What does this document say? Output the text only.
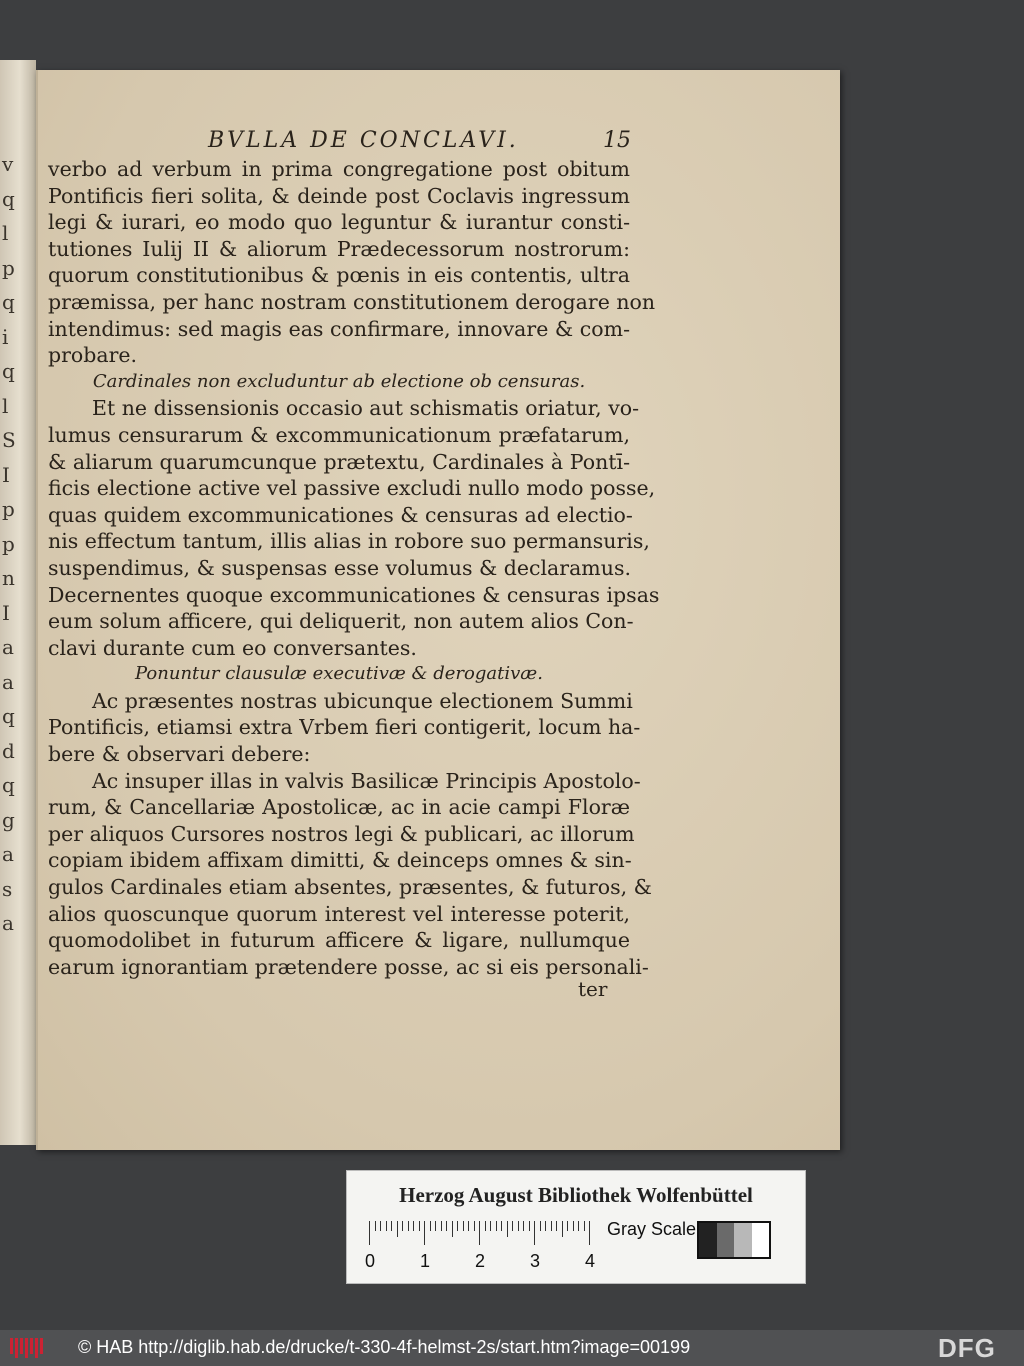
v
q
l
p
q
i
q
l
S
I
p
p
n
I
a
a
q
d
q
g
a
s
a
BVLLA DE CONCLAVI.	15
verbo ad verbum in prima congregatione post obitum
Pontificis fieri solita, & deinde post Coclavis ingressum
legi & iurari, eo modo quo leguntur & iurantur consti-
tutiones Iulij II & aliorum Prædecessorum nostrorum:
quorum constitutionibus & pœnis in eis contentis, ultra
præmissa, per hanc nostram constitutionem derogare non
intendimus: sed magis eas confirmare, innovare & com-
probare.
Cardinales non excluduntur ab electione ob censuras.
Et ne dissensionis occasio aut schismatis oriatur, vo-
lumus censurarum & excommunicationum præfatarum,
& aliarum quarumcunque prætextu, Cardinales à Pontī-
ficis electione active vel passive excludi nullo modo posse,
quas quidem excommunicationes & censuras ad electio-
nis effectum tantum, illis alias in robore suo permansuris,
suspendimus, & suspensas esse volumus & declaramus.
Decernentes quoque excommunicationes & censuras ipsas
eum solum afficere, qui deliquerit, non autem alios Con-
clavi durante cum eo conversantes.
Ponuntur clausulæ executivæ & derogativæ.
Ac præsentes nostras ubicunque electionem Summi
Pontificis, etiamsi extra Vrbem fieri contigerit, locum ha-
bere & observari debere:
Ac insuper illas in valvis Basilicæ Principis Apostolo-
rum, & Cancellariæ Apostolicæ, ac in acie campi Floræ
per aliquos Cursores nostros legi & publicari, ac illorum
copiam ibidem affixam dimitti, & deinceps omnes & sin-
gulos Cardinales etiam absentes, præsentes, & futuros, &
alios quoscunque quorum interest vel interesse poterit,
quomodolibet in futurum afficere & ligare, nullumque
earum ignorantiam prætendere posse, ac si eis personali-
ter
Herzog August Bibliothek Wolfenbüttel
0 1 2 3 4
Gray Scale
© HAB http://diglib.hab.de/drucke/t-330-4f-helmst-2s/start.htm?image=00199	DFG
